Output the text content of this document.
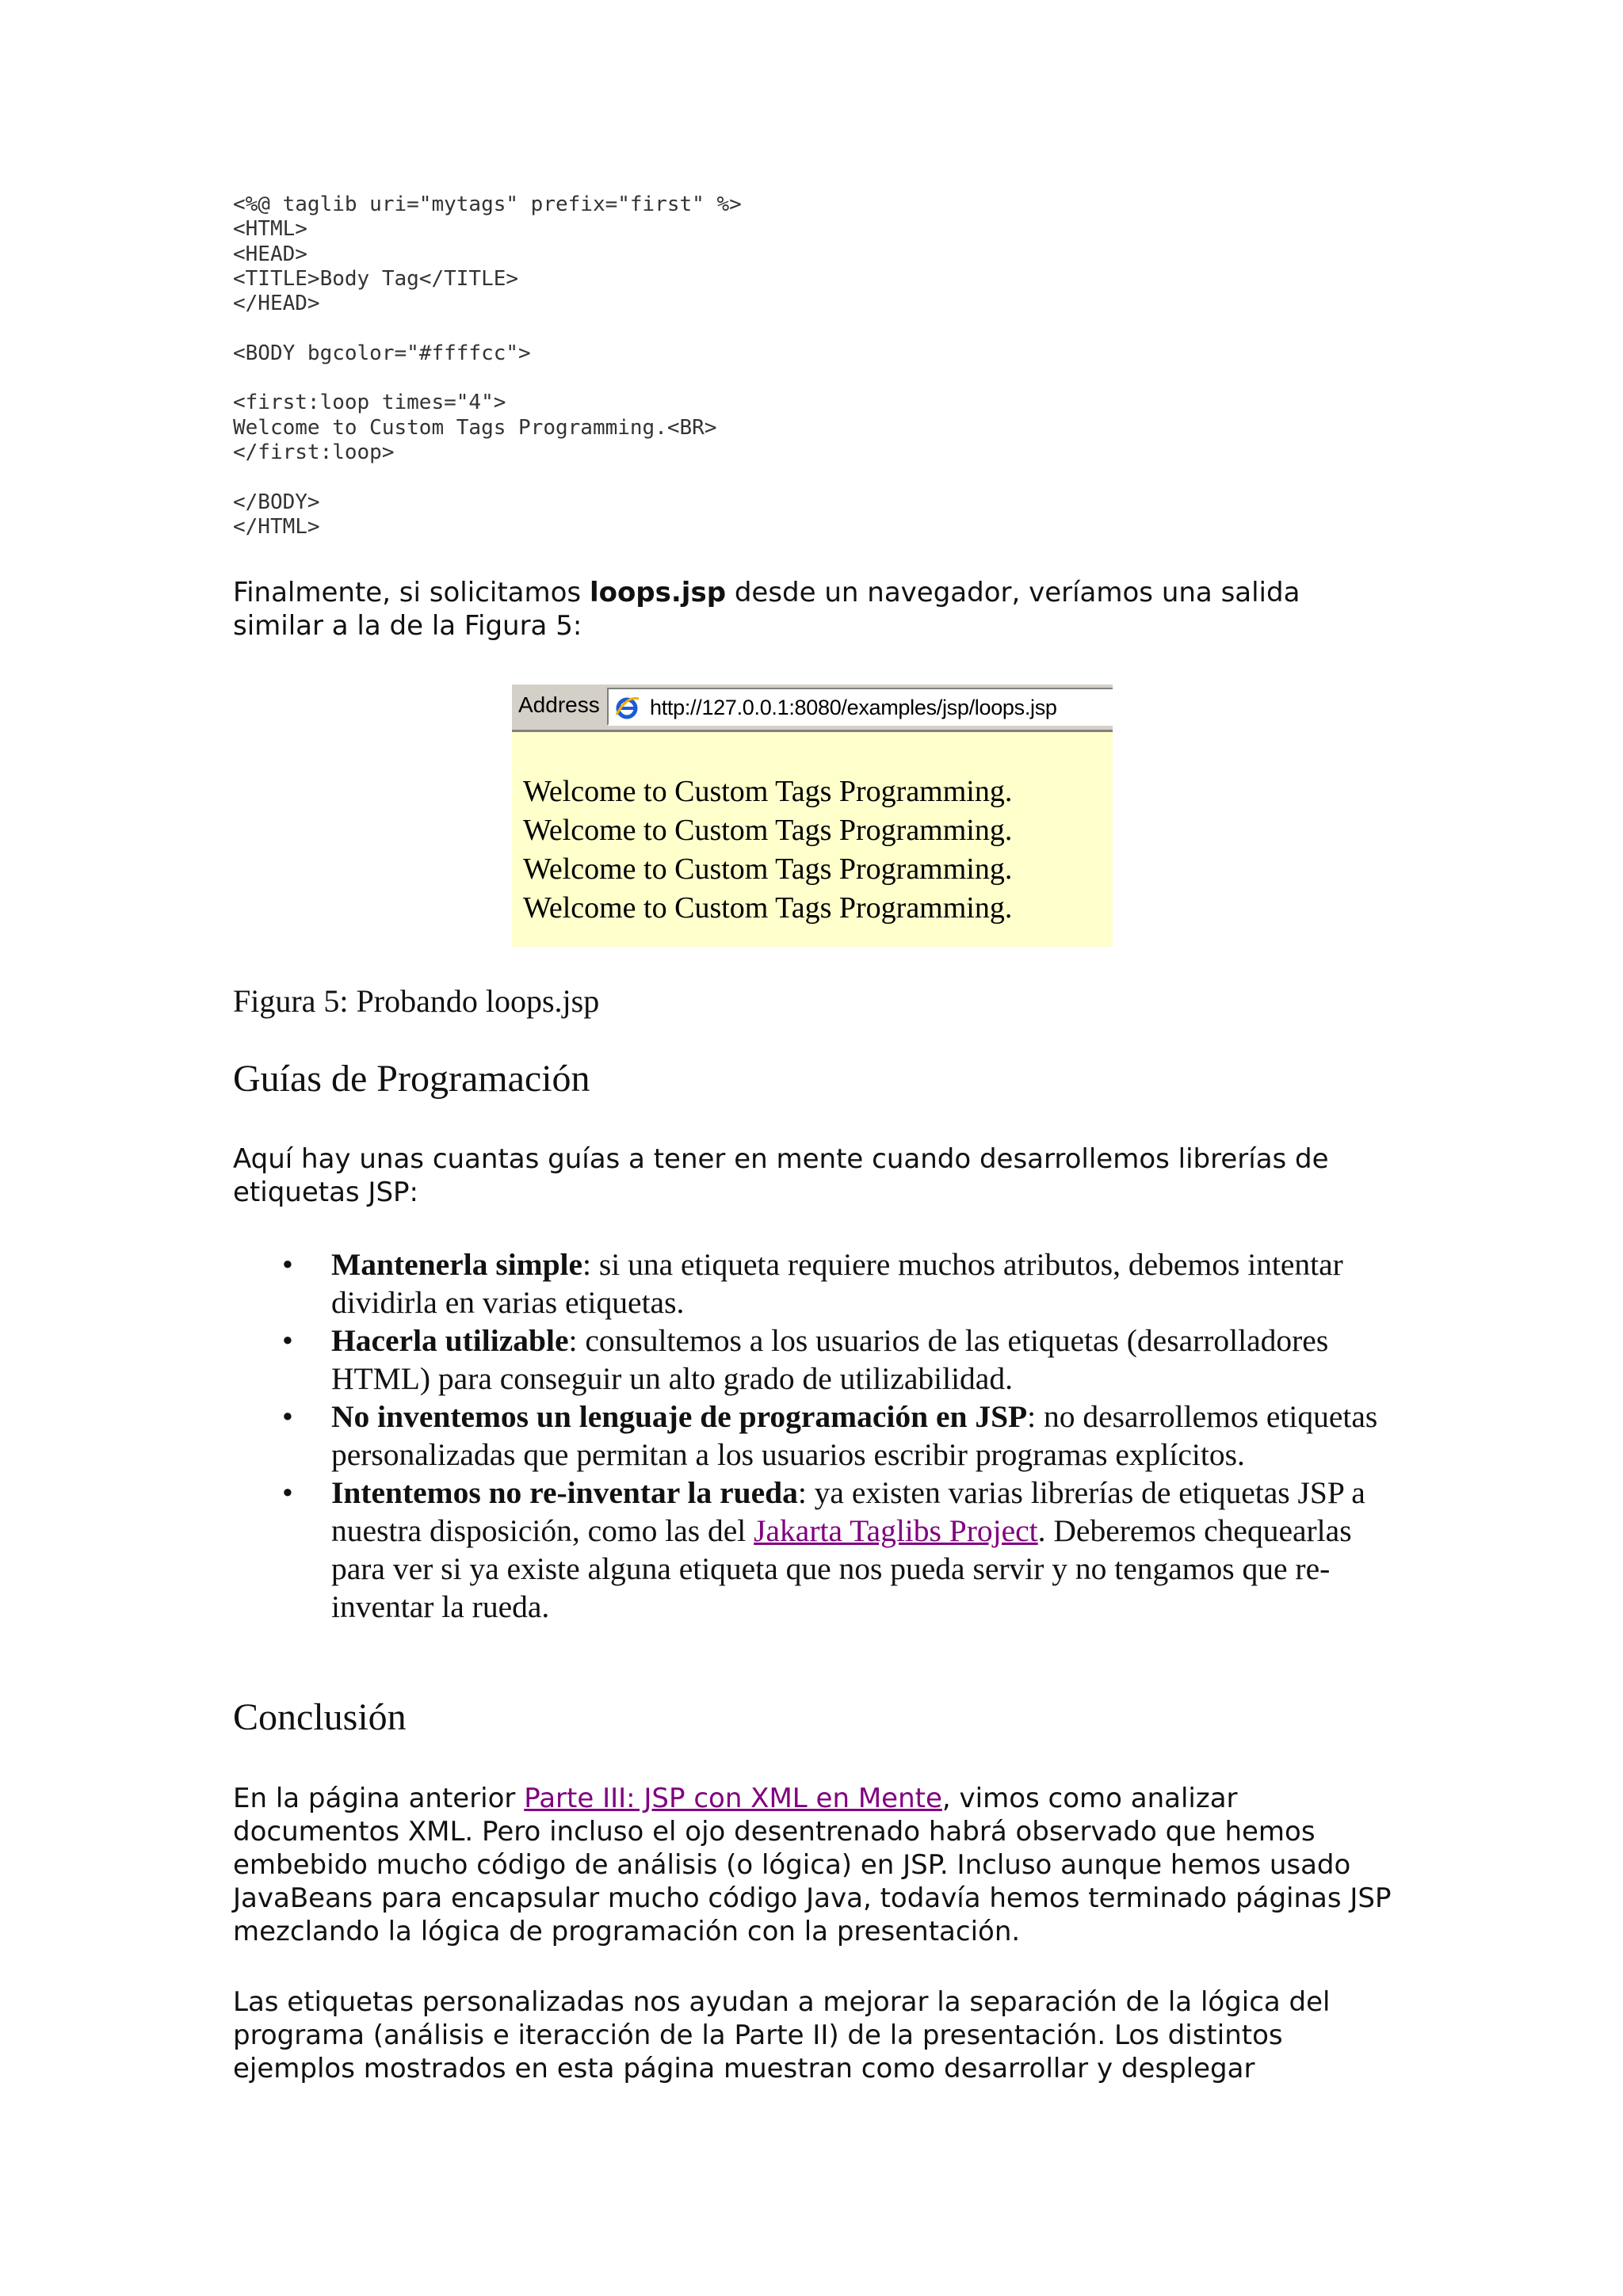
<%@ taglib uri="mytags" prefix="first" %>
<HTML>
<HEAD>
<TITLE>Body Tag</TITLE>
</HEAD>

<BODY bgcolor="#ffffcc">

<first:loop times="4">
Welcome to Custom Tags Programming.<BR>
</first:loop>

</BODY>
</HTML>

Finalmente, si solicitamos loops.jsp desde un navegador, veríamos una salida similar a la de la Figura 5:

Address http://127.0.0.1:8080/examples/jsp/loops.jsp
Welcome to Custom Tags Programming.
Welcome to Custom Tags Programming.
Welcome to Custom Tags Programming.
Welcome to Custom Tags Programming.
Figura 5: Probando loops.jsp
Guías de Programación

Aquí hay unas cuantas guías a tener en mente cuando desarrollemos librerías de etiquetas JSP:

• Mantenerla simple: si una etiqueta requiere muchos atributos, debemos intentar dividirla en varias etiquetas.
• Hacerla utilizable: consultemos a los usuarios de las etiquetas (desarrolladores HTML) para conseguir un alto grado de utilizabilidad.
• No inventemos un lenguaje de programación en JSP: no desarrollemos etiquetas personalizadas que permitan a los usuarios escribir programas explícitos.
• Intentemos no re-inventar la rueda: ya existen varias librerías de etiquetas JSP a nuestra disposición, como las del Jakarta Taglibs Project. Deberemos chequearlas para ver si ya existe alguna etiqueta que nos pueda servir y no tengamos que re-inventar la rueda.
Conclusión

En la página anterior Parte III: JSP con XML en Mente, vimos como analizar documentos XML. Pero incluso el ojo desentrenado habrá observado que hemos embebido mucho código de análisis (o lógica) en JSP. Incluso aunque hemos usado JavaBeans para encapsular mucho código Java, todavía hemos terminado páginas JSP mezclando la lógica de programación con la presentación.

Las etiquetas personalizadas nos ayudan a mejorar la separación de la lógica del programa (análisis e iteracción de la Parte II) de la presentación. Los distintos ejemplos mostrados en esta página muestran como desarrollar y desplegar
